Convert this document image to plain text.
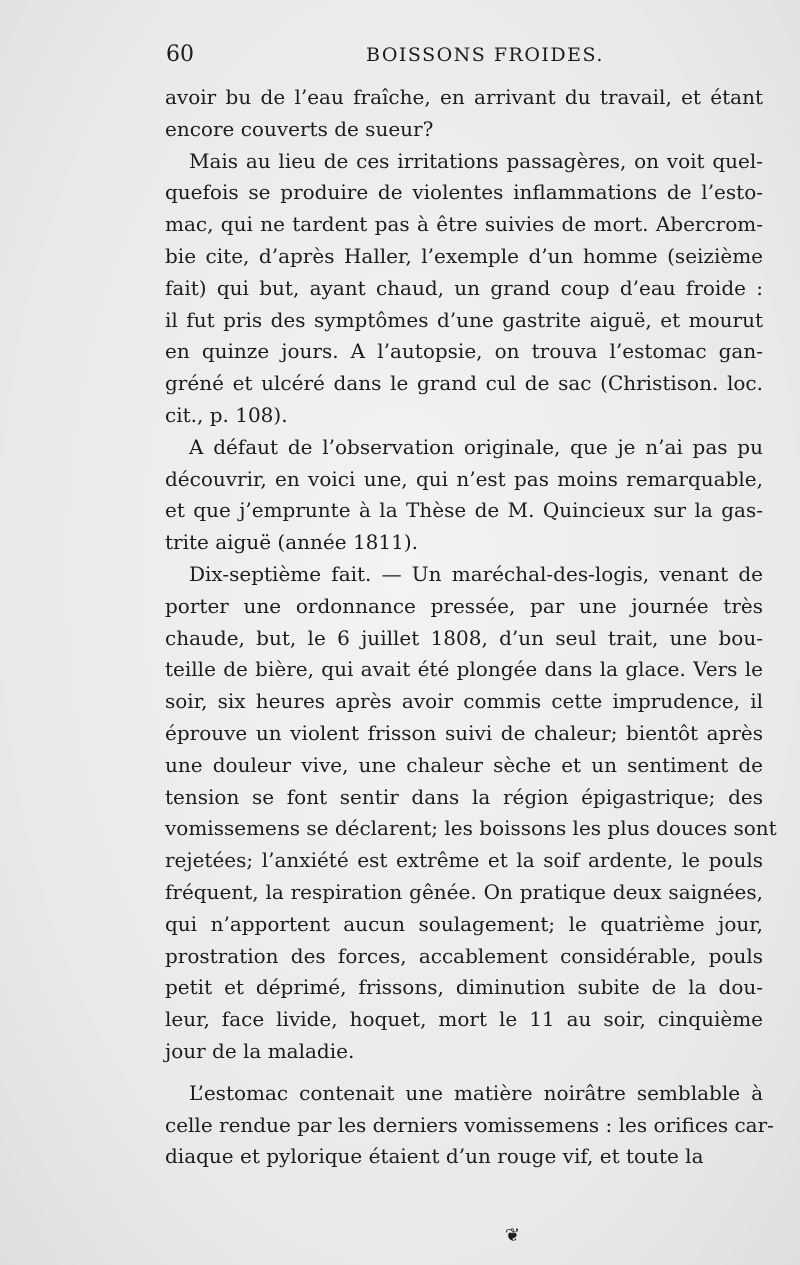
60	BOISSONS FROIDES.
avoir bu de l’eau fraîche, en arrivant du travail, et étant
encore couverts de sueur?
Mais au lieu de ces irritations passagères, on voit quel-
quefois se produire de violentes inflammations de l’esto-
mac, qui ne tardent pas à être suivies de mort. Abercrom-
bie cite, d’après Haller, l’exemple d’un homme (seizième
fait) qui but, ayant chaud, un grand coup d’eau froide :
il fut pris des symptômes d’une gastrite aiguë, et mourut
en quinze jours. A l’autopsie, on trouva l’estomac gan-
gréné et ulcéré dans le grand cul de sac (Christison. loc.
cit., p. 108).
A défaut de l’observation originale, que je n’ai pas pu
découvrir, en voici une, qui n’est pas moins remarquable,
et que j’emprunte à la Thèse de M. Quincieux sur la gas-
trite aiguë (année 1811).
Dix-septième fait. — Un maréchal-des-logis, venant de
porter une ordonnance pressée, par une journée très
chaude, but, le 6 juillet 1808, d’un seul trait, une bou-
teille de bière, qui avait été plongée dans la glace. Vers le
soir, six heures après avoir commis cette imprudence, il
éprouve un violent frisson suivi de chaleur; bientôt après
une douleur vive, une chaleur sèche et un sentiment de
tension se font sentir dans la région épigastrique; des
vomissemens se déclarent; les boissons les plus douces sont
rejetées; l’anxiété est extrême et la soif ardente, le pouls
fréquent, la respiration gênée. On pratique deux saignées,
qui n’apportent aucun soulagement; le quatrième jour,
prostration des forces, accablement considérable, pouls
petit et déprimé, frissons, diminution subite de la dou-
leur, face livide, hoquet, mort le 11 au soir, cinquième
jour de la maladie.
L’estomac contenait une matière noirâtre semblable à
celle rendue par les derniers vomissemens : les orifices car-
diaque et pylorique étaient d’un rouge vif, et toute la
❦
